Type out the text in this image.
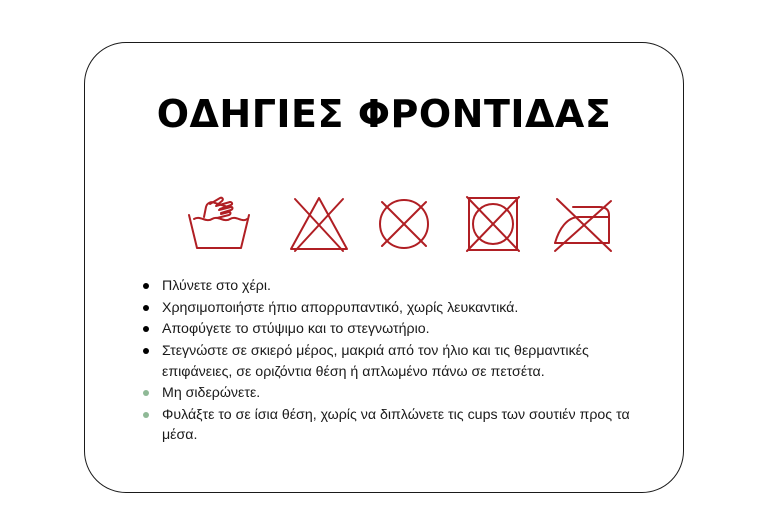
ΟΔΗΓΙΕΣ ΦΡΟΝΤΙΔΑΣ
Πλύνετε στο χέρι.
Χρησιμοποιήστε ήπιο απορρυπαντικό, χωρίς λευκαντικά.
Αποφύγετε το στύψιμο και το στεγνωτήριο.
Στεγνώστε σε σκιερό μέρος, μακριά από τον ήλιο και τις θερμαντικές επιφάνειες, σε οριζόντια θέση ή απλωμένο πάνω σε πετσέτα.
Μη σιδερώνετε.
Φυλάξτε το σε ίσια θέση, χωρίς να διπλώνετε τις cups των σουτιέν προς τα μέσα.
